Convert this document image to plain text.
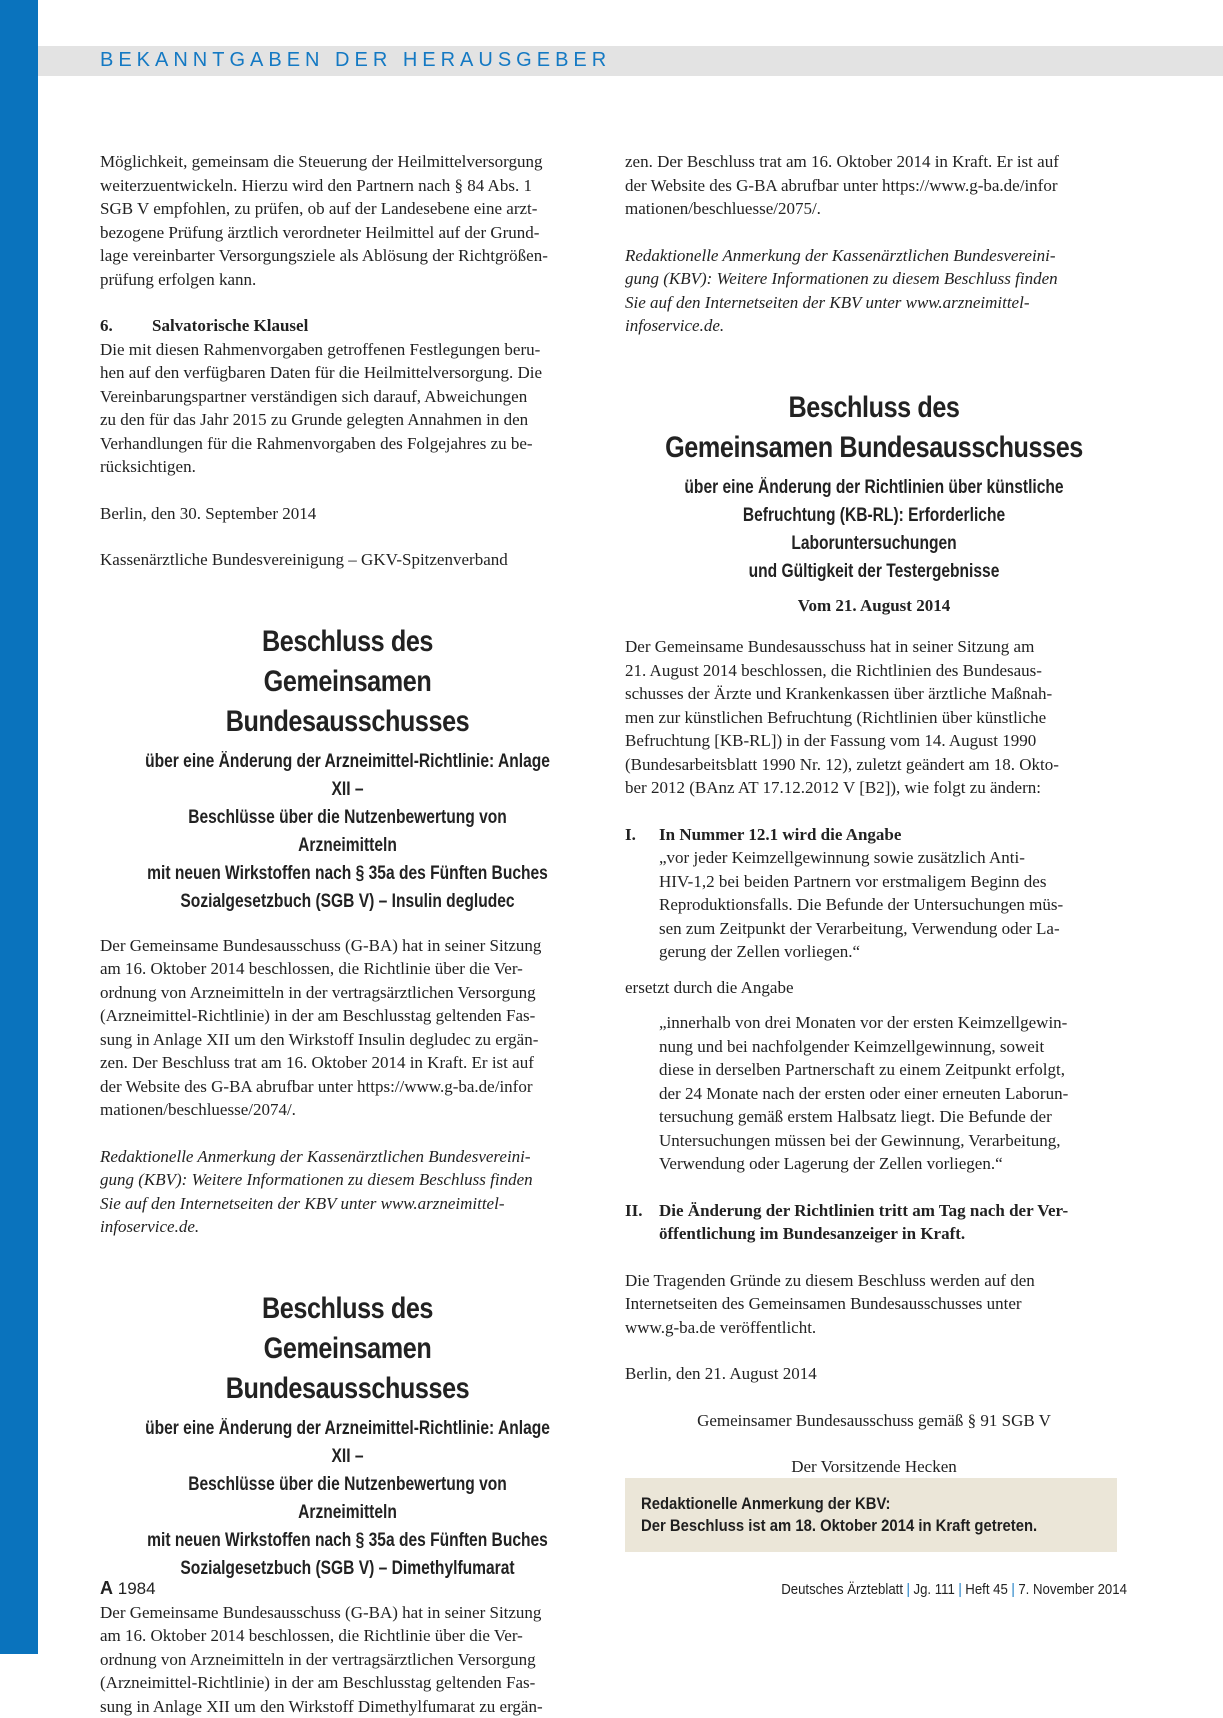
BEKANNTGABEN DER HERAUSGEBER
Möglichkeit, gemeinsam die Steuerung der Heilmittelversorgung
weiterzuentwickeln. Hierzu wird den Partnern nach § 84 Abs. 1
SGB V empfohlen, zu prüfen, ob auf der Landesebene eine arzt-
bezogene Prüfung ärztlich verordneter Heilmittel auf der Grund-
lage vereinbarter Versorgungsziele als Ablösung der Richtgrößen-
prüfung erfolgen kann.
6.	Salvatorische Klausel
Die mit diesen Rahmenvorgaben getroffenen Festlegungen beru-
hen auf den verfügbaren Daten für die Heilmittelversorgung. Die
Vereinbarungspartner verständigen sich darauf, Abweichungen
zu den für das Jahr 2015 zu Grunde gelegten Annahmen in den
Verhandlungen für die Rahmenvorgaben des Folgejahres zu be-
rücksichtigen.
Berlin, den 30. September 2014
Kassenärztliche Bundesvereinigung – GKV-Spitzenverband
Beschluss des
Gemeinsamen Bundesausschusses
über eine Änderung der Arzneimittel-Richtlinie: Anlage XII –
Beschlüsse über die Nutzenbewertung von Arzneimitteln
mit neuen Wirkstoffen nach § 35a des Fünften Buches
Sozialgesetzbuch (SGB V) – Insulin degludec
Der Gemeinsame Bundesausschuss (G-BA) hat in seiner Sitzung
am 16. Oktober 2014 beschlossen, die Richtlinie über die Ver-
ordnung von Arzneimitteln in der vertragsärztlichen Versorgung
(Arzneimittel-Richtlinie) in der am Beschlusstag geltenden Fas-
sung in Anlage XII um den Wirkstoff Insulin degludec zu ergän-
zen. Der Beschluss trat am 16. Oktober 2014 in Kraft. Er ist auf
der Website des G-BA abrufbar unter https://www.g-ba.de/infor
mationen/beschluesse/2074/.
Redaktionelle Anmerkung der Kassenärztlichen Bundesvereini-
gung (KBV): Weitere Informationen zu diesem Beschluss finden
Sie auf den Internetseiten der KBV unter www.arzneimittel-
infoservice.de.
Beschluss des
Gemeinsamen Bundesausschusses
über eine Änderung der Arzneimittel-Richtlinie: Anlage XII –
Beschlüsse über die Nutzenbewertung von Arzneimitteln
mit neuen Wirkstoffen nach § 35a des Fünften Buches
Sozialgesetzbuch (SGB V) – Dimethylfumarat
Der Gemeinsame Bundesausschuss (G-BA) hat in seiner Sitzung
am 16. Oktober 2014 beschlossen, die Richtlinie über die Ver-
ordnung von Arzneimitteln in der vertragsärztlichen Versorgung
(Arzneimittel-Richtlinie) in der am Beschlusstag geltenden Fas-
sung in Anlage XII um den Wirkstoff Dimethylfumarat zu ergän-
zen. Der Beschluss trat am 16. Oktober 2014 in Kraft. Er ist auf
der Website des G-BA abrufbar unter https://www.g-ba.de/infor
mationen/beschluesse/2075/.
Redaktionelle Anmerkung der Kassenärztlichen Bundesvereini-
gung (KBV): Weitere Informationen zu diesem Beschluss finden
Sie auf den Internetseiten der KBV unter www.arzneimittel-
infoservice.de.
Beschluss des
Gemeinsamen Bundesausschusses
über eine Änderung der Richtlinien über künstliche
Befruchtung (KB-RL): Erforderliche Laboruntersuchungen
und Gültigkeit der Testergebnisse
Vom 21. August 2014
Der Gemeinsame Bundesausschuss hat in seiner Sitzung am
21. August 2014 beschlossen, die Richtlinien des Bundesaus-
schusses der Ärzte und Krankenkassen über ärztliche Maßnah-
men zur künstlichen Befruchtung (Richtlinien über künstliche
Befruchtung [KB-RL]) in der Fassung vom 14. August 1990
(Bundesarbeitsblatt 1990 Nr. 12), zuletzt geändert am 18. Okto-
ber 2012 (BAnz AT 17.12.2012 V [B2]), wie folgt zu ändern:
I.	In Nummer 12.1 wird die Angabe
„vor jeder Keimzellgewinnung sowie zusätzlich Anti-
HIV-1,2 bei beiden Partnern vor erstmaligem Beginn des
Reproduktionsfalls. Die Befunde der Untersuchungen müs-
sen zum Zeitpunkt der Verarbeitung, Verwendung oder La-
gerung der Zellen vorliegen.“
ersetzt durch die Angabe
„innerhalb von drei Monaten vor der ersten Keimzellgewin-
nung und bei nachfolgender Keimzellgewinnung, soweit
diese in derselben Partnerschaft zu einem Zeitpunkt erfolgt,
der 24 Monate nach der ersten oder einer erneuten Laborun-
tersuchung gemäß erstem Halbsatz liegt. Die Befunde der
Untersuchungen müssen bei der Gewinnung, Verarbeitung,
Verwendung oder Lagerung der Zellen vorliegen.“
II. Die Änderung der Richtlinien tritt am Tag nach der Ver-
öffentlichung im Bundesanzeiger in Kraft.
Die Tragenden Gründe zu diesem Beschluss werden auf den
Internetseiten des Gemeinsamen Bundesausschusses unter
www.g-ba.de veröffentlicht.
Berlin, den 21. August 2014
Gemeinsamer Bundesausschuss gemäß § 91 SGB V
Der Vorsitzende Hecken
Redaktionelle Anmerkung der KBV:
Der Beschluss ist am 18. Oktober 2014 in Kraft getreten.
A 1984	Deutsches Ärzteblatt | Jg. 111 | Heft 45 | 7. November 2014
